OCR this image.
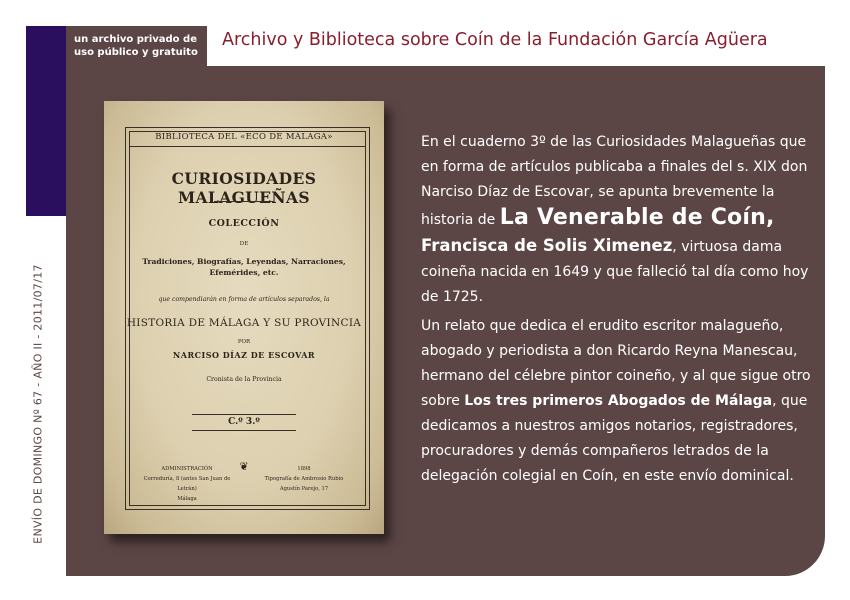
un archivo privado de
uso público y gratuito
Archivo y Biblioteca sobre Coín de la Fundación García Agüera
ENVÍO DE DOMINGO Nº 67 - AÑO II - 2011/07/17
BIBLIOTECA DEL «ECO DE MÁLAGA»
CURIOSIDADES MALAGUEÑAS
COLECCIÓN
DE
Tradiciones, Biografías, Leyendas, Narraciones,
Efemérides, etc.
que compendiarán en forma de artículos separados, la
HISTORIA DE MÁLAGA Y SU PROVINCIA
POR
NARCISO DÍAZ DE ESCOVAR
Cronista de la Provincia
C.º 3.º
ADMINISTRACIÓN
Correduría, 8 (antes San Juan de Letrán)
Málaga
❦	1898
Tipografía de Ambrosio Rubio
Agustín Parejo, 17

En el cuaderno 3º de las Curiosidades Malagueñas que en forma de artículos publicaba a finales del s. XIX don Narciso Díaz de Escovar, se apunta brevemente la historia de La Venerable de Coín,
Francisca de Solis Ximenez, virtuosa dama coineña nacida en 1649 y que falleció tal día como hoy de 1725.

Un relato que dedica el erudito escritor malagueño, abogado y periodista a don Ricardo Reyna Manescau, hermano del célebre pintor coineño, y al que sigue otro sobre Los tres primeros Abogados de Málaga, que dedicamos a nuestros amigos notarios, registradores, procuradores y demás compañeros letrados de la delegación colegial en Coín, en este envío dominical.
